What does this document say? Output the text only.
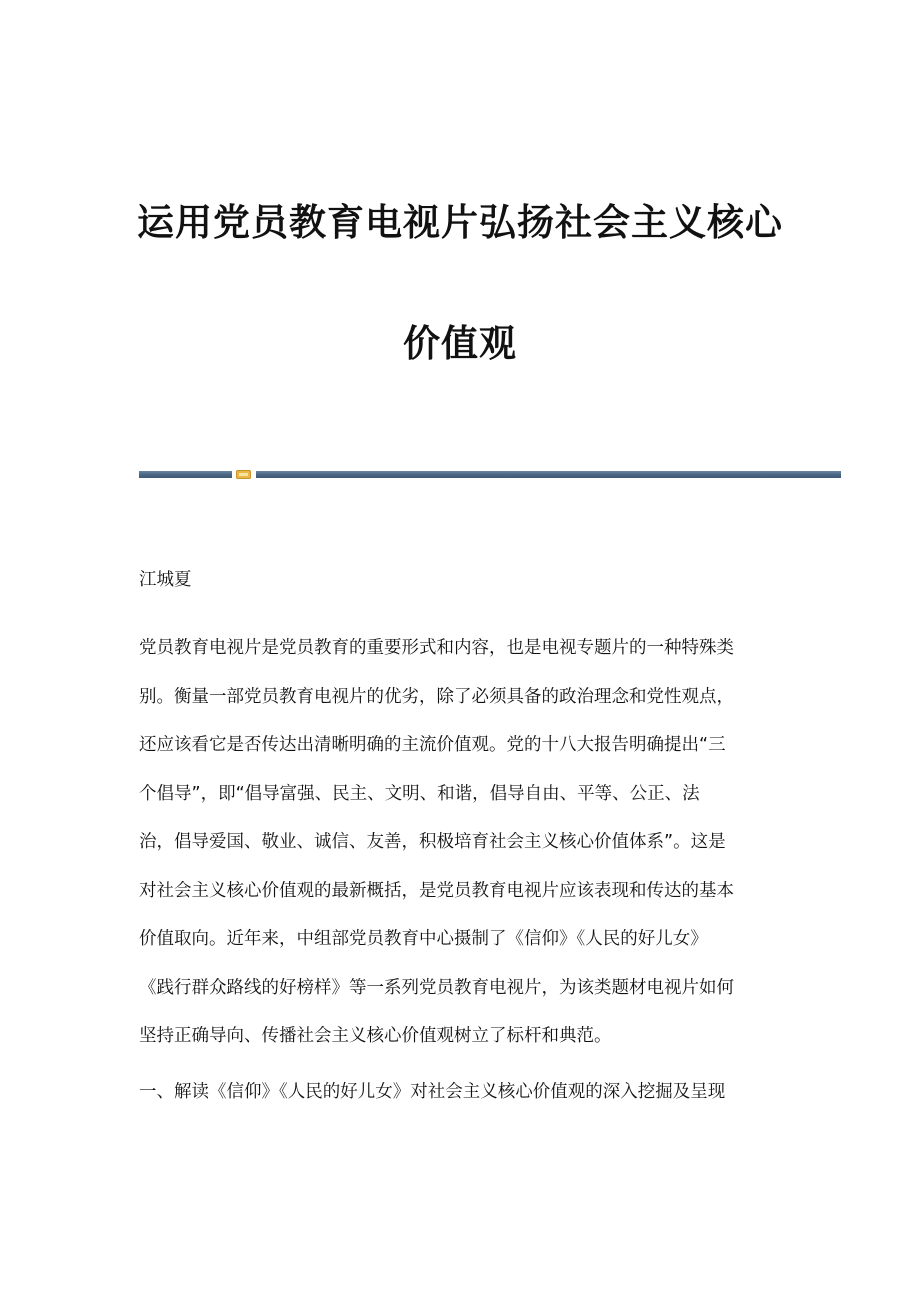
运用党员教育电视片弘扬社会主义核心
价值观
江城夏
党员教育电视片是党员教育的重要形式和内容，也是电视专题片的一种特殊类
别。衡量一部党员教育电视片的优劣，除了必须具备的政治理念和党性观点，
还应该看它是否传达出清晰明确的主流价值观。党的十八大报告明确提出“三
个倡导”，即“倡导富强、民主、文明、和谐，倡导自由、平等、公正、法
治，倡导爱国、敬业、诚信、友善，积极培育社会主义核心价值体系”。这是
对社会主义核心价值观的最新概括，是党员教育电视片应该表现和传达的基本
价值取向。近年来，中组部党员教育中心摄制了《信仰》《人民的好儿女》
《践行群众路线的好榜样》等一系列党员教育电视片，为该类题材电视片如何
坚持正确导向、传播社会主义核心价值观树立了标杆和典范。
一、解读《信仰》《人民的好儿女》对社会主义核心价值观的深入挖掘及呈现
